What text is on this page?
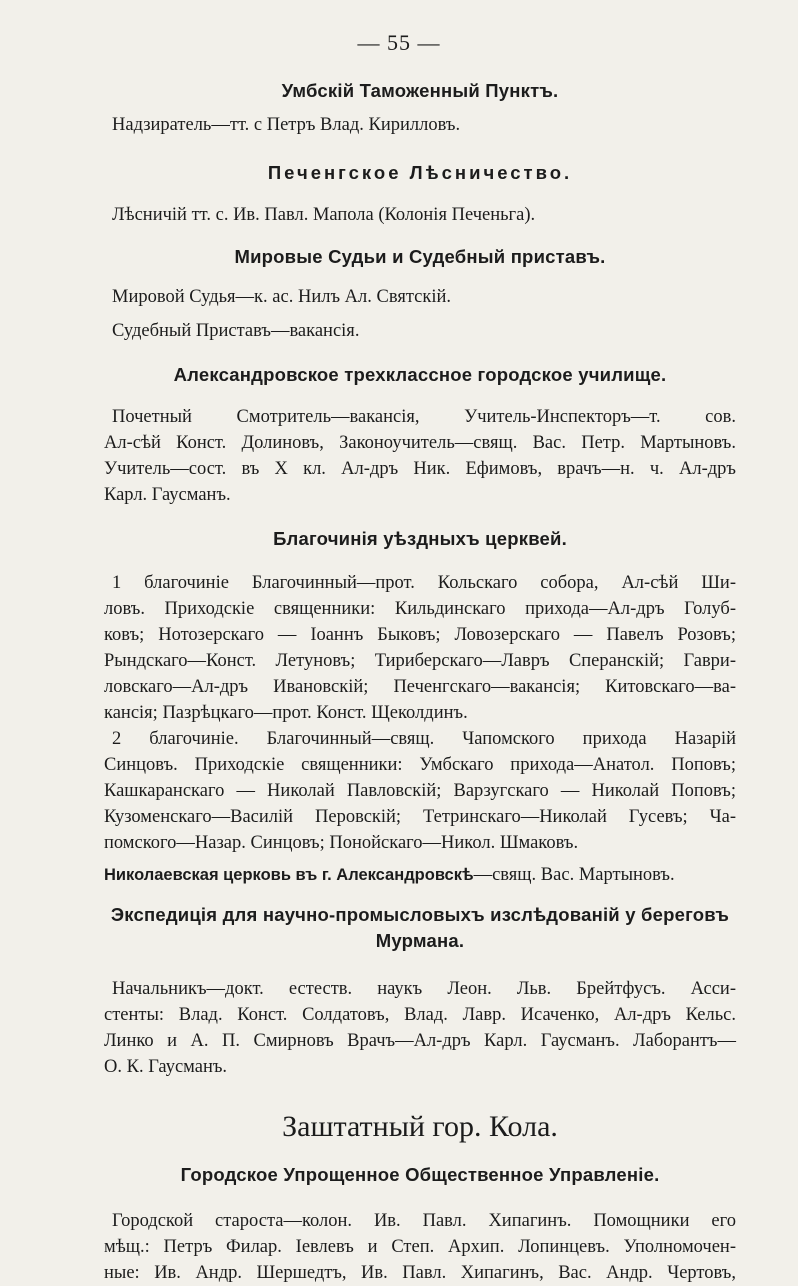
— 55 —
Умбскій Таможенный Пунктъ.

Надзиратель—тт. с Петръ Влад. Кирилловъ.

Печенгское Лѣсничество.

Лѣсничій тт. с. Ив. Павл. Мапола (Колонія Печеньга).

Мировые Судьи и Судебный приставъ.

Мировой Судья—к. ас. Нилъ Ал. Святскій.

Судебный Приставъ—вакансія.

Александровское трехклассное городское училище.
Почетный Смотритель—вакансія, Учитель-Инспекторъ—т. сов.
Ал-сѣй Конст. Долиновъ, Законоучитель—свящ. Вас. Петр. Мартыновъ.
Учитель—сост. въ Х кл. Ал-дръ Ник. Ефимовъ, врачъ—н. ч. Ал-дръ
Карл. Гаусманъ.
Благочинія уѣздныхъ церквей.
1 благочиніе Благочинный—прот. Кольскаго собора, Ал-сѣй Ши-
ловъ. Приходскіе священники: Кильдинскаго прихода—Ал-дръ Голуб-
ковъ; Нотозерскаго — Іоаннъ Быковъ; Ловозерскаго — Павелъ Розовъ;
Рындскаго—Конст. Летуновъ; Тириберскаго—Лавръ Сперанскій; Гаври-
ловскаго—Ал-дръ Ивановскій; Печенгскаго—вакансія; Китовскаго—ва-
кансія; Пазрѣцкаго—прот. Конст. Щеколдинъ.
2 благочиніе. Благочинный—свящ. Чапомского прихода Назарій
Синцовъ. Приходскіе священники: Умбскаго прихода—Анатол. Поповъ;
Кашкаранскаго — Николай Павловскій; Варзугскаго — Николай Поповъ;
Кузоменскаго—Василій Перовскій; Тетринскаго—Николай Гусевъ; Ча-
помского—Назар. Синцовъ; Понойскаго—Никол. Шмаковъ.

Николаевская церковь въ г. Александровскѣ—свящ. Вас. Мартыновъ.

Экспедиція для научно-промысловыхъ изслѣдованій у береговъ
Мурмана.
Начальникъ—докт. естеств. наукъ Леон. Льв. Брейтфусъ. Асси-
стенты: Влад. Конст. Солдатовъ, Влад. Лавр. Исаченко, Ал-дръ Кельс.
Линко и А. П. Смирновъ Врачъ—Ал-дръ Карл. Гаусманъ. Лаборантъ—
О. К. Гаусманъ.
Заштатный гор. Кола.
Городское Упрощенное Общественное Управленіе.
Городской староста—колон. Ив. Павл. Хипагинъ. Помощники его
мѣщ.: Петръ Филар. Іевлевъ и Степ. Архип. Лопинцевъ. Уполномочен-
ные: Ив. Андр. Шершедтъ, Ив. Павл. Хипагинъ, Вас. Андр. Чертовъ,
